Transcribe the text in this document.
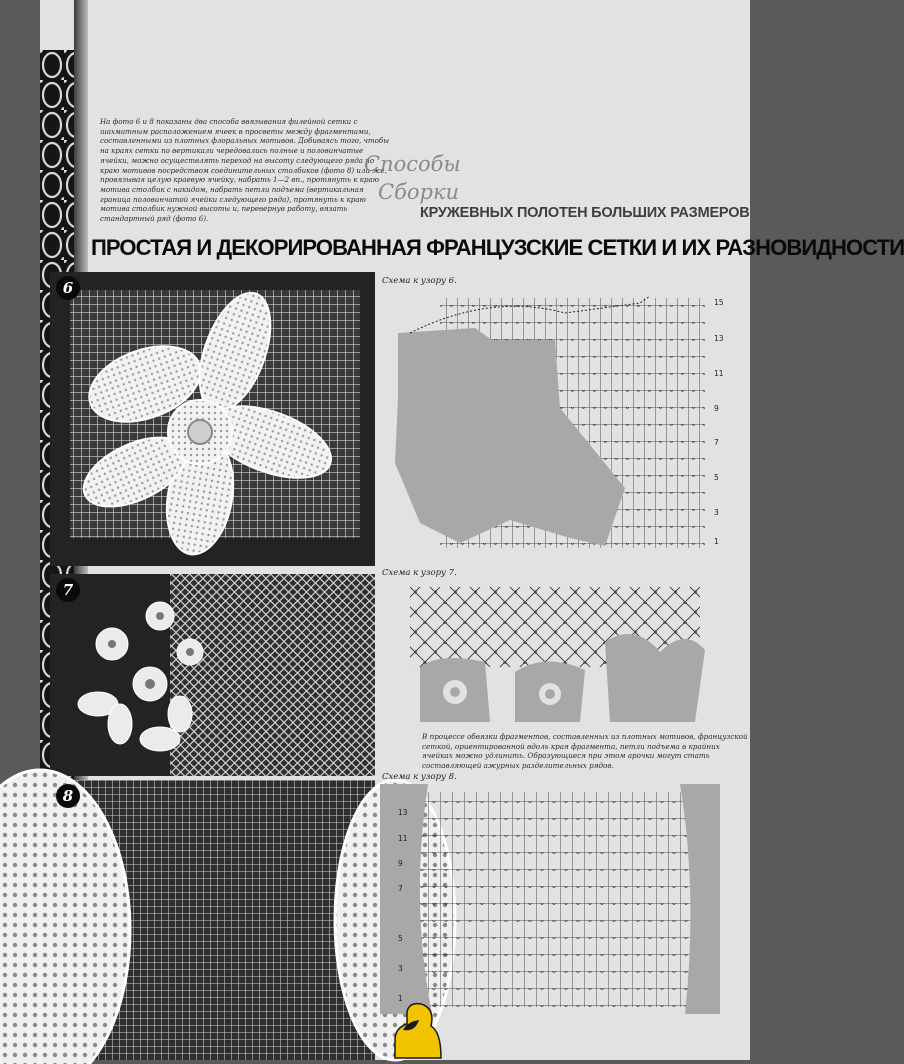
На фото 6 и 8 показаны два способа ввязывания филейной сетки с шахматным расположением ячеек в просветы между фрагментами, составленными из плотных флоральных мотивов. Добиваясь того, чтобы на краях сетки по вертикали чередовались полные и половинчатые ячейки, можно осуществлять переход на высоту следующего ряда по краю мотивов посредством соединительных столбиков (фото 8) или же, провязывая целую краевую ячейку, набрать 1—2 вп., протянуть к краю мотива столбик с накидом, набрать петли подъема (вертикальная граница половинчатой ячейки следующего ряда), протянуть к краю мотива столбик нужной высоты и, перевернув работу, вязать стандартный ряд (фото 6).

Способы
Сборки
КРУЖЕВНЫХ ПОЛОТЕН БОЛЬШИХ РАЗМЕРОВ
ПРОСТАЯ И ДЕКОРИРОВАННАЯ ФРАНЦУЗСКИЕ СЕТКИ И ИХ РАЗНОВИДНОСТИ
6
7
8
Схема к узору 6.
15
13
11
9
7
5
3
1
Схема к узору 7.

В процессе обвязки фрагментов, составленных из плотных мотивов, французской сеткой, ориентированной вдоль края фрагмента, петли подъема в крайних ячейках можно удлинить. Образующиеся при этом арочки могут стать составляющей ажурных разделительных рядов.

Схема к узору 8.
13
11
9
7
5
3
1
